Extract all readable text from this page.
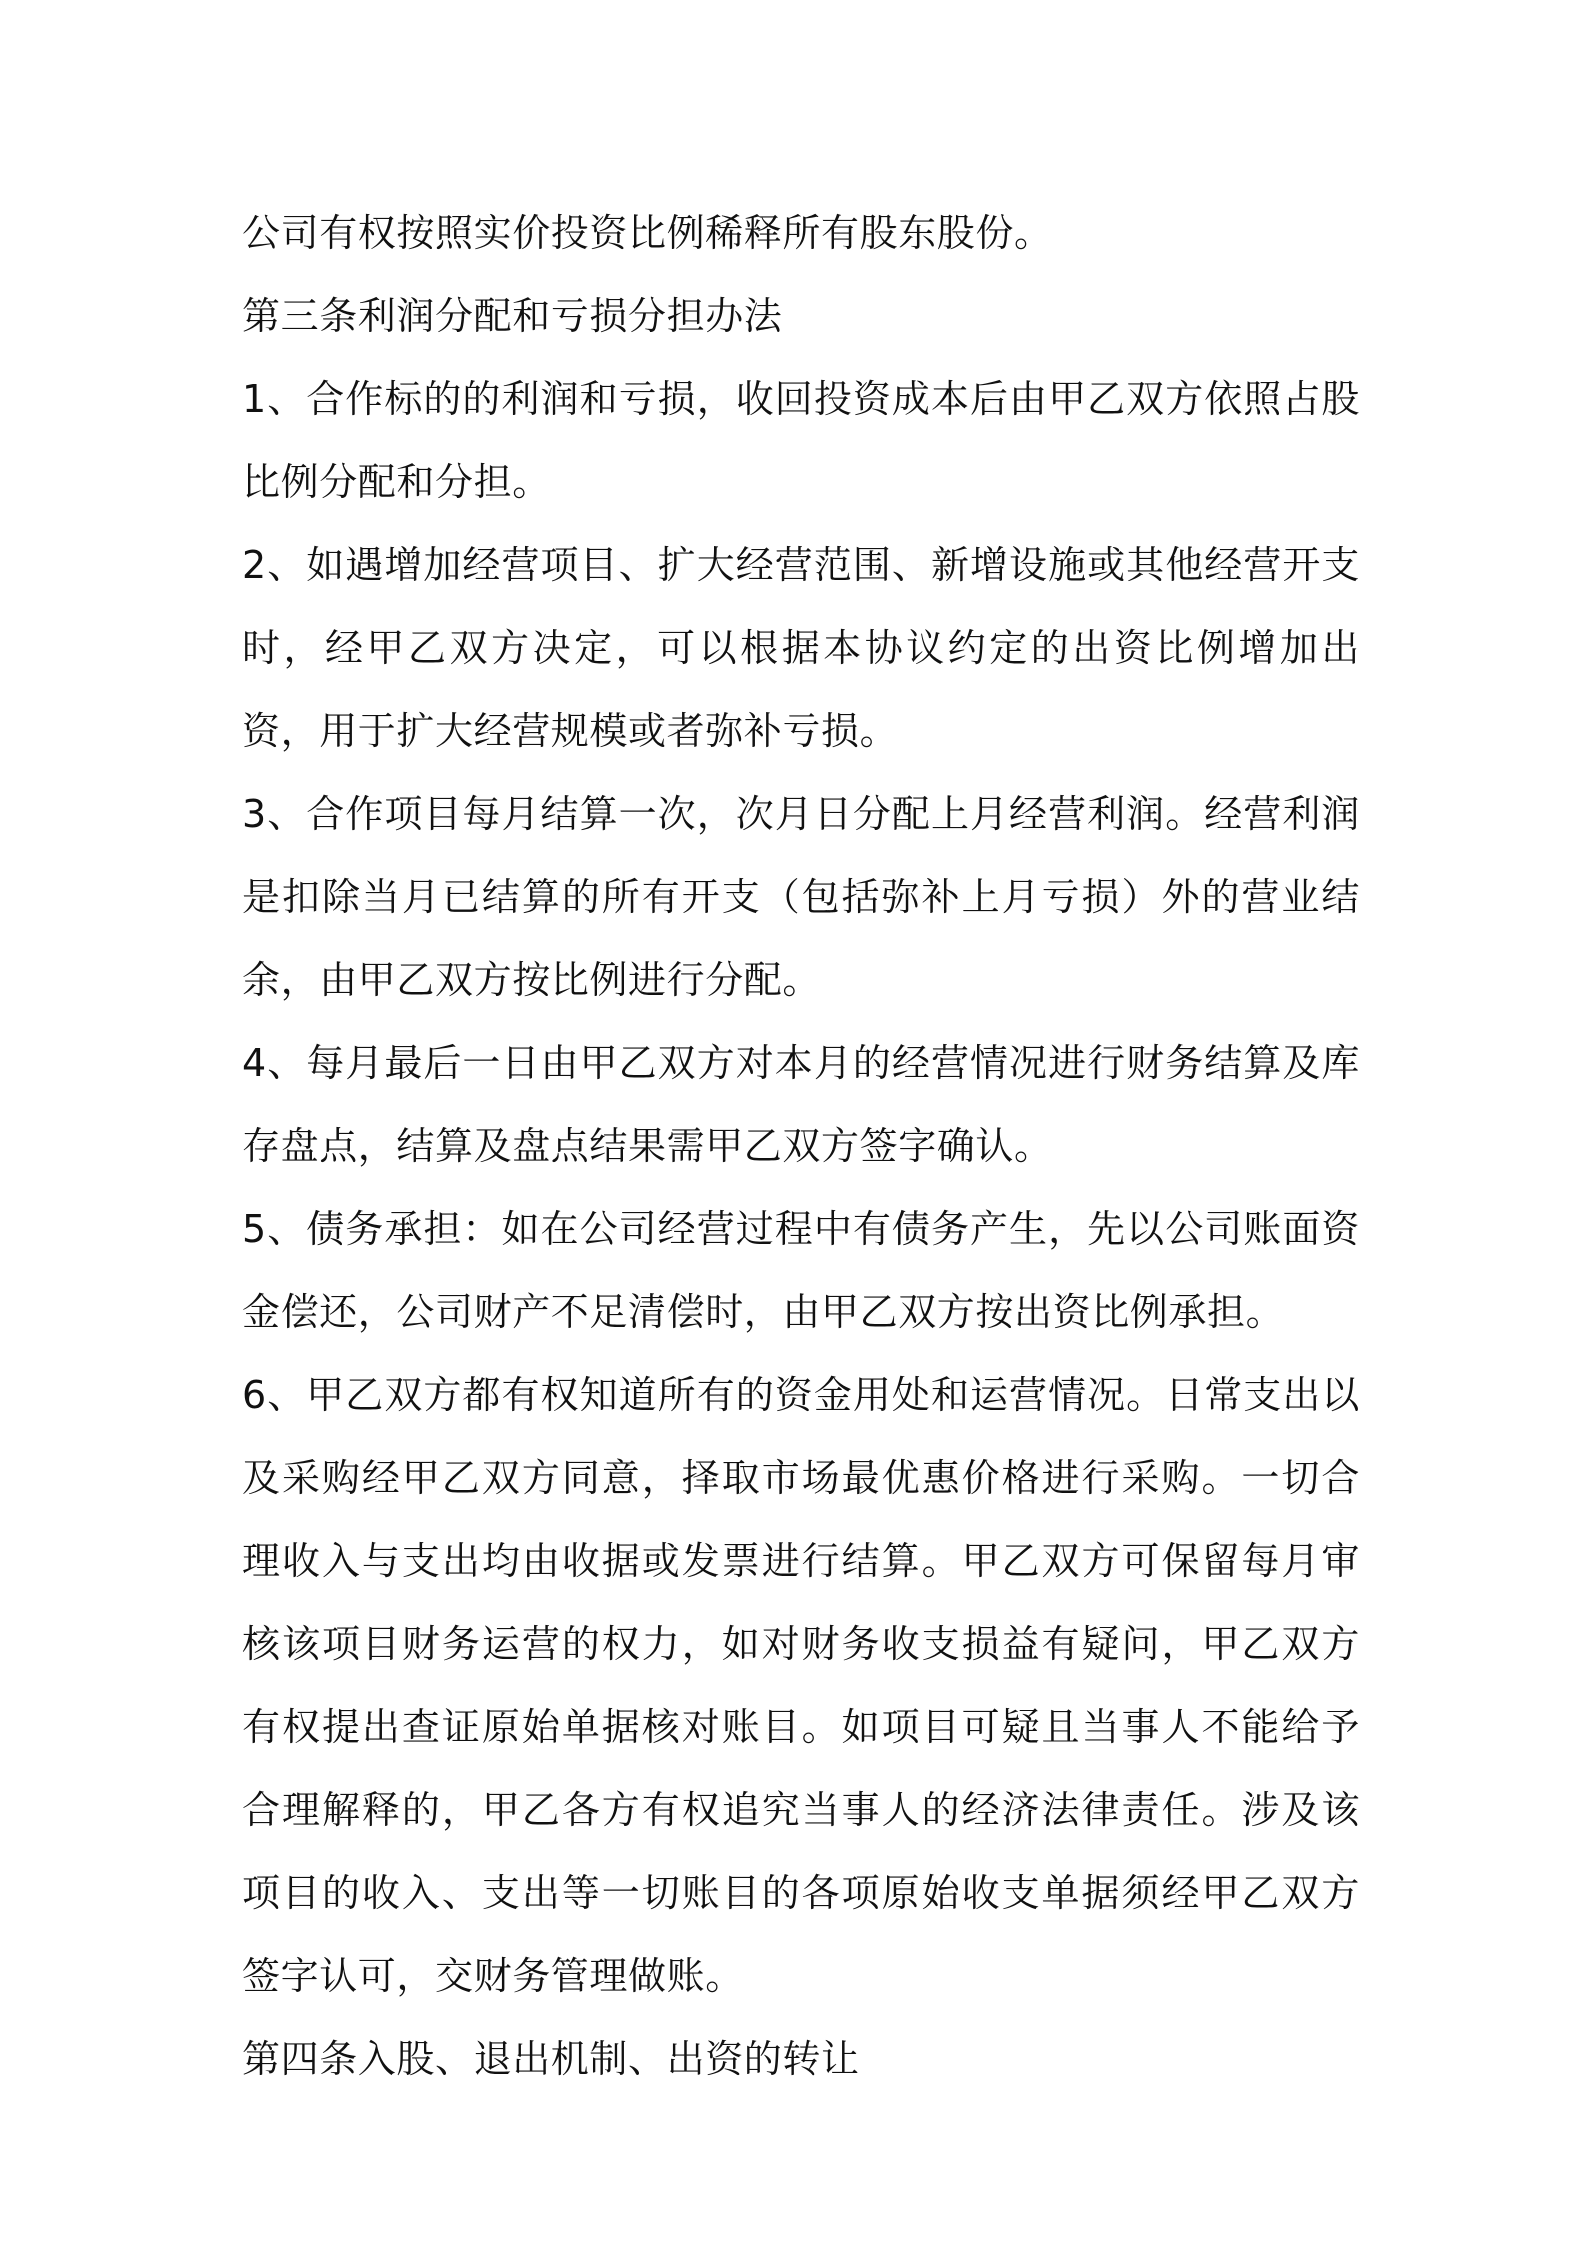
公司有权按照实价投资比例稀释所有股东股份。

第三条利润分配和亏损分担办法

1、合作标的的利润和亏损，收回投资成本后由甲乙双方依照占股比例分配和分担。

2、如遇增加经营项目、扩大经营范围、新增设施或其他经营开支时，经甲乙双方决定，可以根据本协议约定的出资比例增加出资，用于扩大经营规模或者弥补亏损。

3、合作项目每月结算一次，次月日分配上月经营利润。经营利润是扣除当月已结算的所有开支（包括弥补上月亏损）外的营业结余，由甲乙双方按比例进行分配。

4、每月最后一日由甲乙双方对本月的经营情况进行财务结算及库存盘点，结算及盘点结果需甲乙双方签字确认。

5、债务承担：如在公司经营过程中有债务产生，先以公司账面资金偿还，公司财产不足清偿时，由甲乙双方按出资比例承担。

6、甲乙双方都有权知道所有的资金用处和运营情况。日常支出以及采购经甲乙双方同意，择取市场最优惠价格进行采购。一切合理收入与支出均由收据或发票进行结算。甲乙双方可保留每月审核该项目财务运营的权力，如对财务收支损益有疑问，甲乙双方有权提出查证原始单据核对账目。如项目可疑且当事人不能给予合理解释的，甲乙各方有权追究当事人的经济法律责任。涉及该项目的收入、支出等一切账目的各项原始收支单据须经甲乙双方签字认可，交财务管理做账。

第四条入股、退出机制、出资的转让
